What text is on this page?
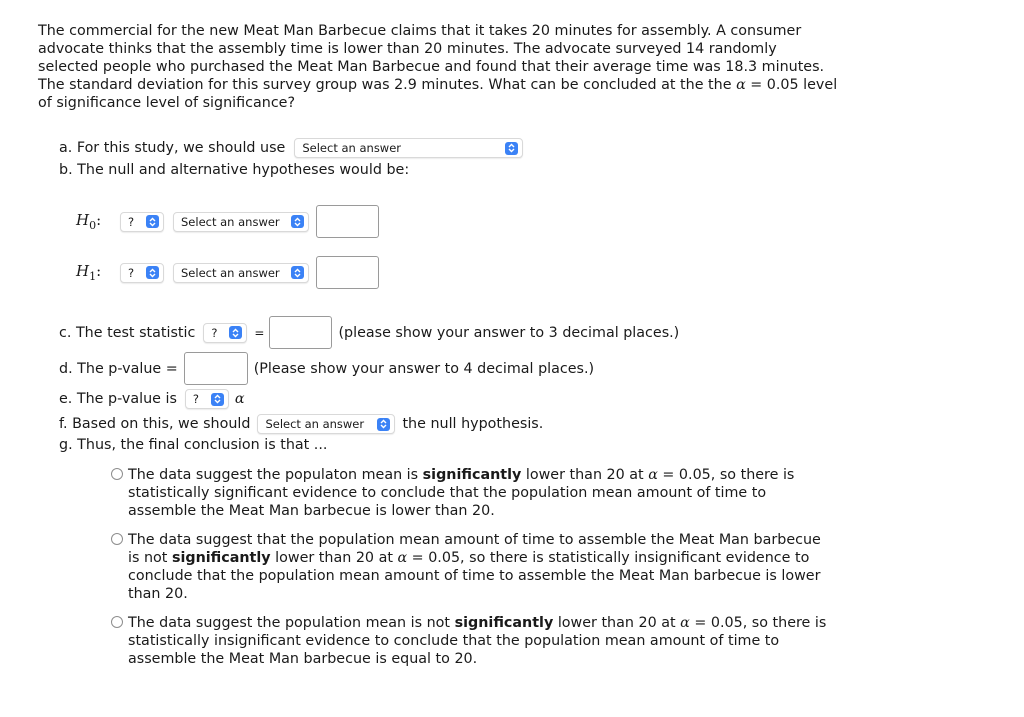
The commercial for the new Meat Man Barbecue claims that it takes 20 minutes for assembly. A consumer advocate thinks that the assembly time is lower than 20 minutes. The advocate surveyed 14 randomly selected people who purchased the Meat Man Barbecue and found that their average time was 18.3 minutes. The standard deviation for this survey group was 2.9 minutes. What can be concluded at the the α = 0.05 level of significance level of significance?
a. For this study, we should use Select an answer
b. The null and alternative hypotheses would be:
$H_0$:	?	Select an answer
$H_1$:	?	Select an answer
c. The test statistic ?	=	(please show your answer to 3 decimal places.)
d. The p-value =	(Please show your answer to 4 decimal places.)
e. The p-value is ?	α
f. Based on this, we should Select an answer	the null hypothesis.
g. Thus, the final conclusion is that ...
The data suggest the populaton mean is significantly lower than 20 at α = 0.05, so there is statistically significant evidence to conclude that the population mean amount of time to assemble the Meat Man barbecue is lower than 20.
The data suggest that the population mean amount of time to assemble the Meat Man barbecue is not significantly lower than 20 at α = 0.05, so there is statistically insignificant evidence to conclude that the population mean amount of time to assemble the Meat Man barbecue is lower than 20.
The data suggest the population mean is not significantly lower than 20 at α = 0.05, so there is statistically insignificant evidence to conclude that the population mean amount of time to assemble the Meat Man barbecue is equal to 20.
